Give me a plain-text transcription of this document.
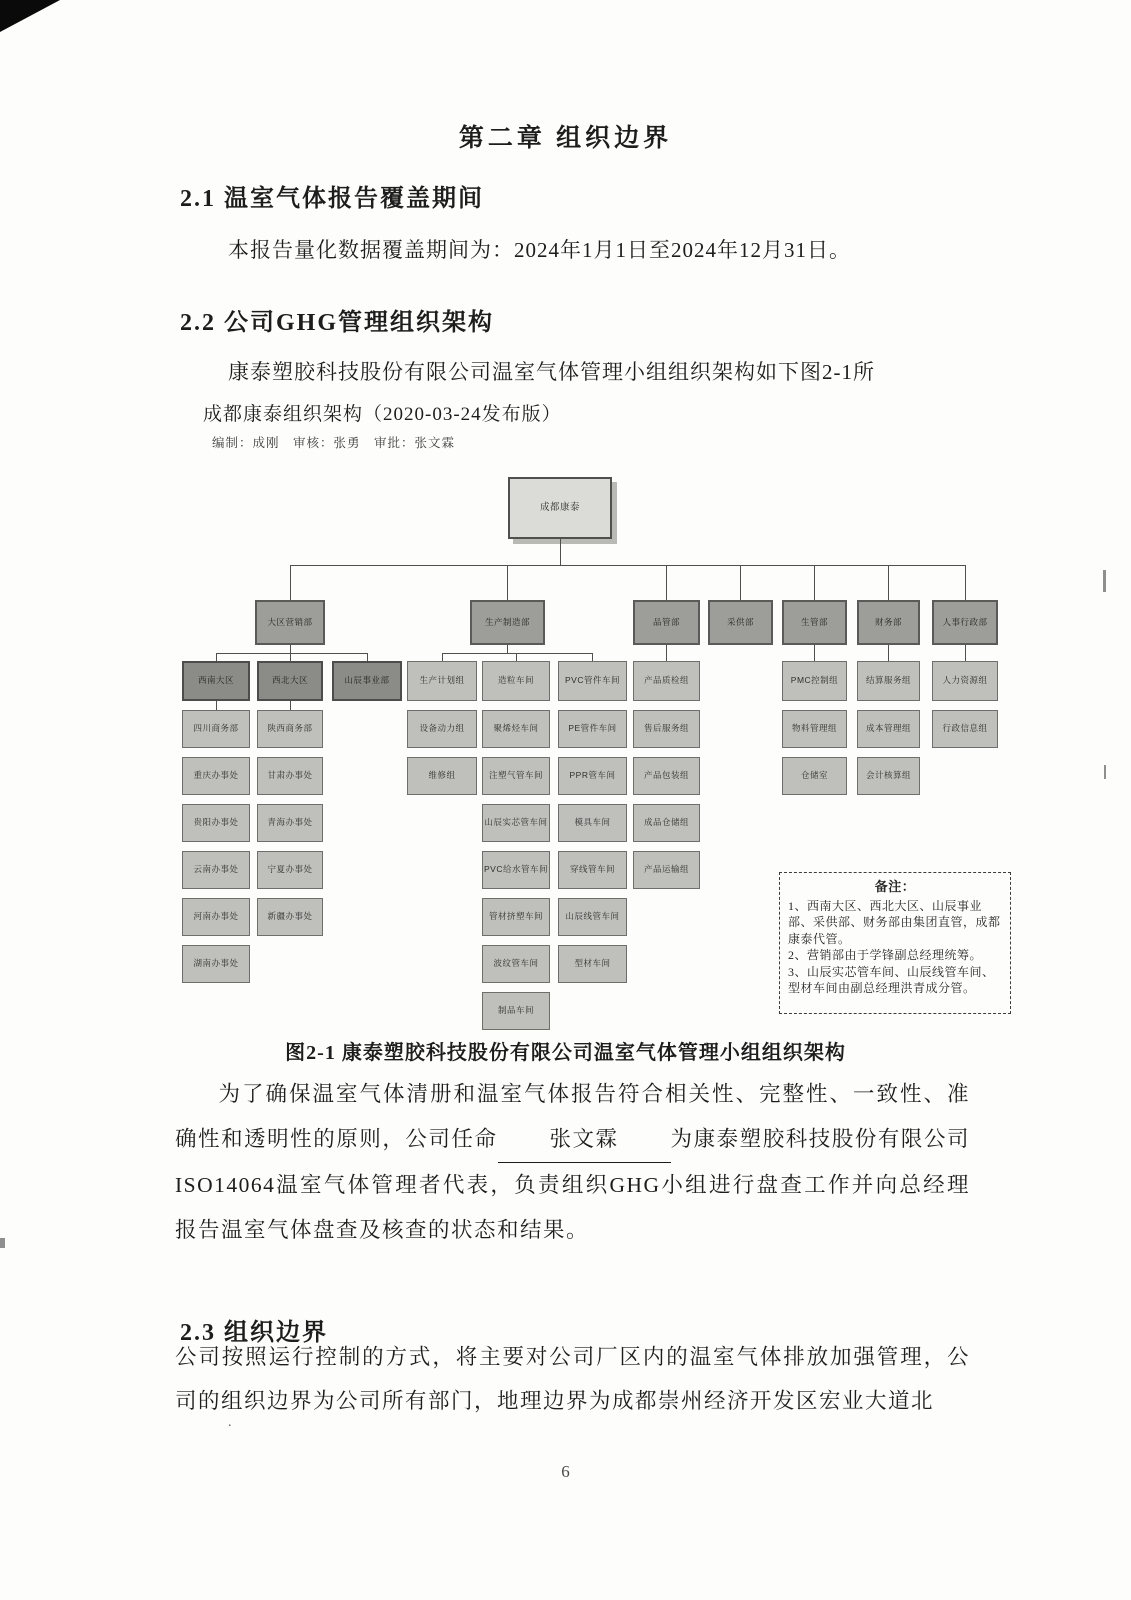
第二章 组织边界
2.1 温室气体报告覆盖期间
本报告量化数据覆盖期间为：2024年1月1日至2024年12月31日。
2.2 公司GHG管理组织架构
康泰塑胶科技股份有限公司温室气体管理小组组织架构如下图2-1所
成都康泰组织架构（2020-03-24发布版）
编制：成刚　审核：张勇　审批：张文霖
成都康泰
大区营销部	生产制造部	品管部	采供部	生管部	财务部	人事行政部
西南大区	西北大区	山辰事业部	生产计划组	造粒车间	PVC管件车间	产品质检组	PMC控制组	结算服务组	人力资源组
四川商务部	陕西商务部	设备动力组	聚烯烃车间	PE管件车间	售后服务组	物料管理组	成本管理组	行政信息组
重庆办事处	甘肃办事处	维修组	注塑气管车间	PPR管车间	产品包装组	仓储室	会计核算组
贵阳办事处	青海办事处	山辰实芯管车间	模具车间	成品仓储组
云南办事处	宁夏办事处	PVC给水管车间	穿线管车间	产品运输组
河南办事处	新疆办事处	管材挤塑车间	山辰线管车间
湖南办事处	波纹管车间	型材车间
制品车间
备注：
1、西南大区、西北大区、山辰事业部、采供部、财务部由集团直管，成都康泰代管。
2、营销部由于学锋副总经理统筹。
3、山辰实芯管车间、山辰线管车间、型材车间由副总经理洪青成分管。
图2-1 康泰塑胶科技股份有限公司温室气体管理小组组织架构
为了确保温室气体清册和温室气体报告符合相关性、完整性、一致性、准确性和透明性的原则，公司任命 张文霖 为康泰塑胶科技股份有限公司ISO14064温室气体管理者代表，负责组织GHG小组进行盘查工作并向总经理报告温室气体盘查及核查的状态和结果。
2.3 组织边界
公司按照运行控制的方式，将主要对公司厂区内的温室气体排放加强管理，公司的组织边界为公司所有部门，地理边界为成都崇州经济开发区宏业大道北
.
6
